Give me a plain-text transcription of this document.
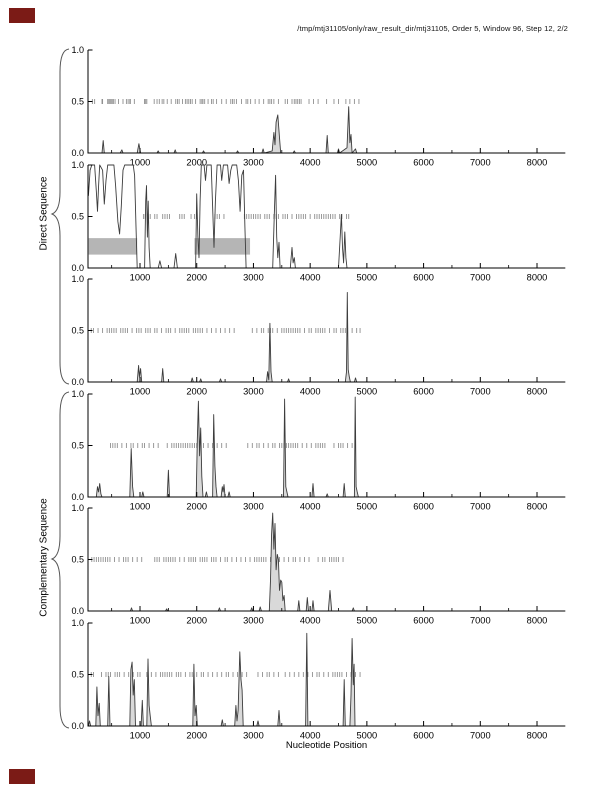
/tmp/mtj31105/only/raw_result_dir/mtj31105, Order 5, Window 96, Step 12, 2/2
Direct Sequence
Complementary Sequence
1000	2000	3000	4000	5000	6000	7000	8000
0.0
0.5
1.0
1000	2000	3000	4000	5000	6000	7000	8000
0.0
0.5
1.0
1000	2000	3000	4000	5000	6000	7000	8000
0.0
0.5
1.0
1000	2000	3000	4000	5000	6000	7000	8000
0.0
0.5
1.0
1000	2000	3000	4000	5000	6000	7000	8000
0.0
0.5
1.0
1000	2000	3000	4000	5000	6000	7000	8000
0.0
0.5
1.0
Nucleotide Position
